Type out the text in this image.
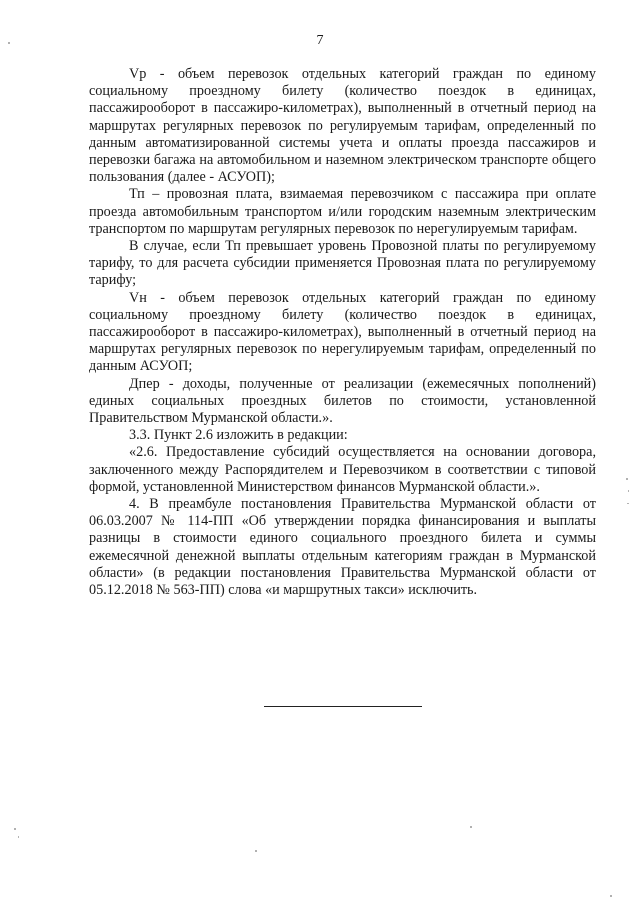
7

Vp - объем перевозок отдельных категорий граждан по единому социальному проездному билету (количество поездок в единицах, пассажирооборот в пассажиро-километрах), выполненный в отчетный период на маршрутах регулярных перевозок по регулируемым тарифам, определенный по данным автоматизированной системы учета и оплаты проезда пассажиров и перевозки багажа на автомобильном и наземном электрическом транспорте общего пользования (далее - АСУОП);

Тп – провозная плата, взимаемая перевозчиком с пассажира при оплате проезда автомобильным транспортом и/или городским наземным электрическим транспортом по маршрутам регулярных перевозок по нерегулируемым тарифам.

В случае, если Тп превышает уровень Провозной платы по регулируемому тарифу, то для расчета субсидии применяется Провозная плата по регулируемому тарифу;

Vн - объем перевозок отдельных категорий граждан по единому социальному проездному билету (количество поездок в единицах, пассажирооборот в пассажиро-километрах), выполненный в отчетный период на маршрутах регулярных перевозок по нерегулируемым тарифам, определенный по данным АСУОП;

Дпер - доходы, полученные от реализации (ежемесячных пополнений) единых социальных проездных билетов по стоимости, установленной Правительством Мурманской области.».

3.3. Пункт 2.6 изложить в редакции:

«2.6. Предоставление субсидий осуществляется на основании договора, заключенного между Распорядителем и Перевозчиком в соответствии с типовой формой, установленной Министерством финансов Мурманской области.».

4. В преамбуле постановления Правительства Мурманской области от 06.03.2007 № 114-ПП «Об утверждении порядка финансирования и выплаты разницы в стоимости единого социального проездного билета и суммы ежемесячной денежной выплаты отдельным категориям граждан в Мурманской области» (в редакции постановления Правительства Мурманской области от 05.12.2018 № 563-ПП) слова «и маршрутных такси» исключить.
